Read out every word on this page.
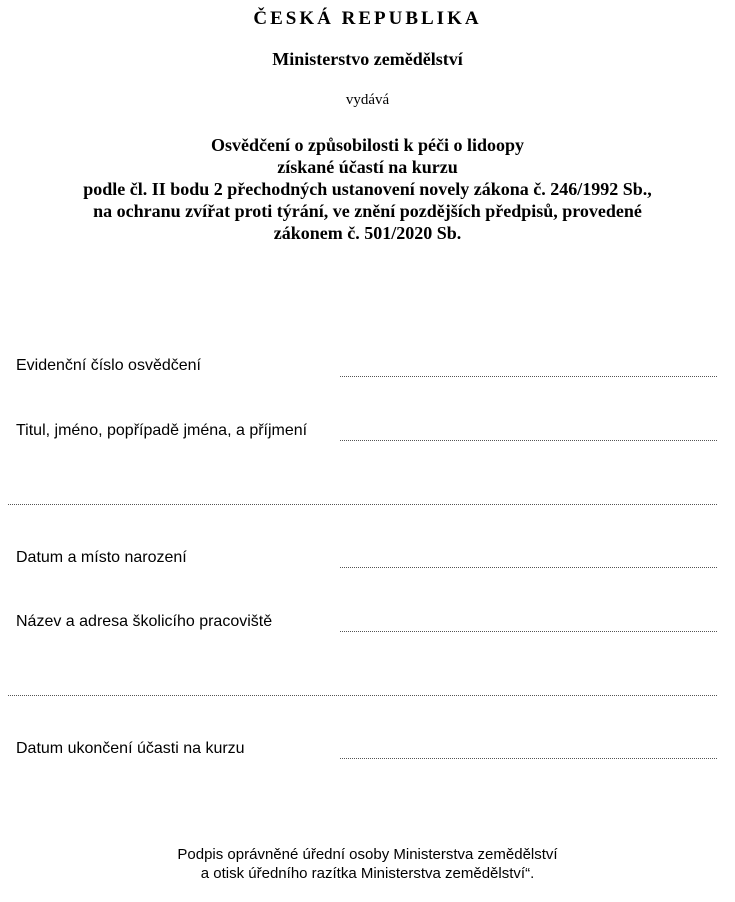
ČESKÁ REPUBLIKA
Ministerstvo zemědělství
vydává
Osvědčení o způsobilosti k péči o lidoopy
získané účastí na kurzu
podle čl. II bodu 2 přechodných ustanovení novely zákona č. 246/1992 Sb.,
na ochranu zvířat proti týrání, ve znění pozdějších předpisů, provedené
zákonem č. 501/2020 Sb.
Evidenční číslo osvědčení
Titul, jméno, popřípadě jména, a příjmení
Datum a místo narození
Název a adresa školicího pracoviště
Datum ukončení účasti na kurzu
Podpis oprávněné úřední osoby Ministerstva zemědělství
a otisk úředního razítka Ministerstva zemědělství“.
